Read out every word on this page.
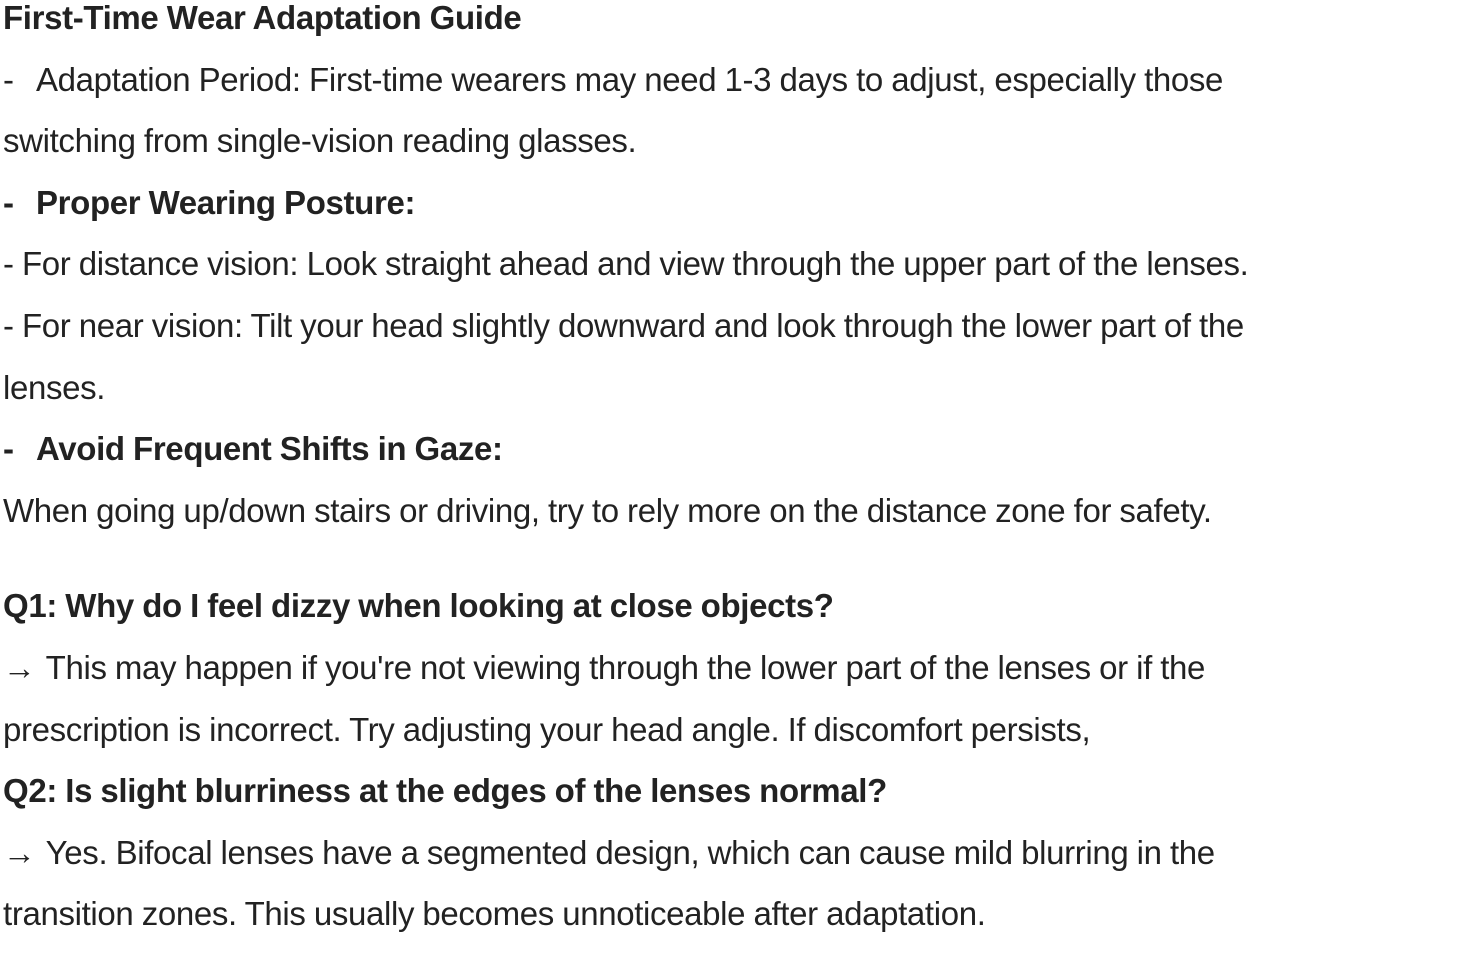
First-Time Wear Adaptation Guide
- Adaptation Period: First-time wearers may need 1-3 days to adjust, especially those
switching from single-vision reading glasses.
- Proper Wearing Posture:
- For distance vision: Look straight ahead and view through the upper part of the lenses.
- For near vision: Tilt your head slightly downward and look through the lower part of the
lenses.
- Avoid Frequent Shifts in Gaze:
When going up/down stairs or driving, try to rely more on the distance zone for safety.
Q1: Why do I feel dizzy when looking at close objects?
→ This may happen if you're not viewing through the lower part of the lenses or if the
prescription is incorrect. Try adjusting your head angle. If discomfort persists,
Q2: Is slight blurriness at the edges of the lenses normal?
→ Yes. Bifocal lenses have a segmented design, which can cause mild blurring in the
transition zones. This usually becomes unnoticeable after adaptation.
